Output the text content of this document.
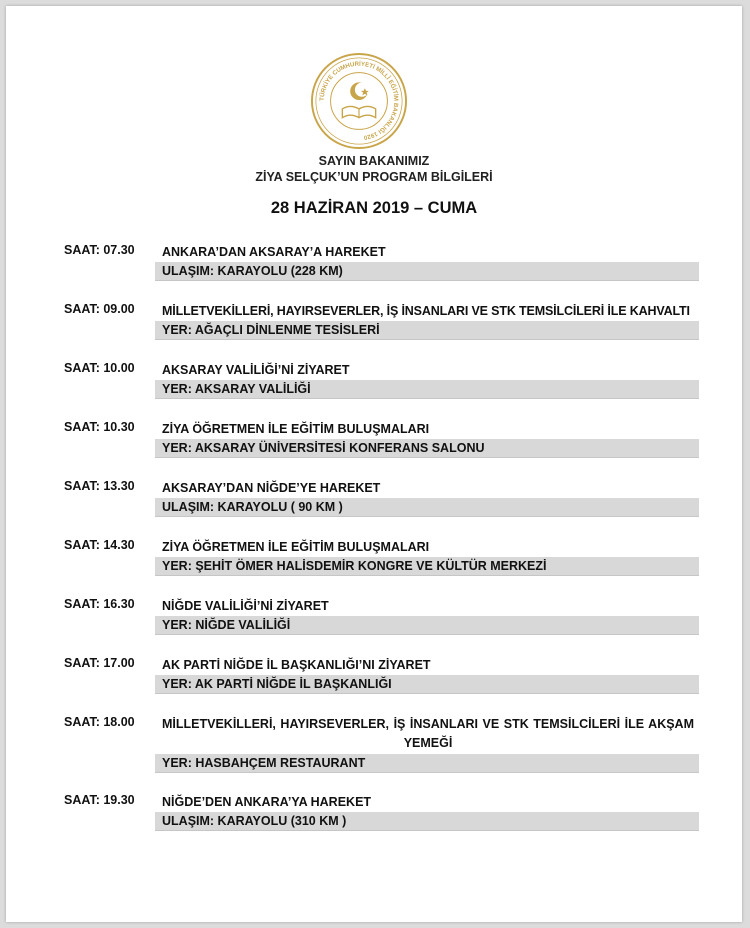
TÜRKİYE CUMHURİYETİ MİLLÎ EĞİTİM BAKANLIĞI 1920
SAYIN BAKANIMIZ
ZİYA SELÇUK’UN PROGRAM BİLGİLERİ
28 HAZİRAN 2019 – CUMA
SAAT: 07.30 ANKARA’DAN AKSARAY’A HAREKET
ULAŞIM: KARAYOLU (228 KM)
SAAT: 09.00 MİLLETVEKİLLERİ, HAYIRSEVERLER, İŞ İNSANLARI VE STK TEMSİLCİLERİ İLE KAHVALTI
YER: AĞAÇLI DİNLENME TESİSLERİ
SAAT: 10.00 AKSARAY VALİLİĞİ’Nİ ZİYARET
YER: AKSARAY VALİLİĞİ
SAAT: 10.30 ZİYA ÖĞRETMEN İLE EĞİTİM BULUŞMALARI
YER: AKSARAY ÜNİVERSİTESİ KONFERANS SALONU
SAAT: 13.30 AKSARAY’DAN NİĞDE’YE HAREKET
ULAŞIM: KARAYOLU ( 90 KM )
SAAT: 14.30 ZİYA ÖĞRETMEN İLE EĞİTİM BULUŞMALARI
YER: ŞEHİT ÖMER HALİSDEMİR KONGRE VE KÜLTÜR MERKEZİ
SAAT: 16.30 NİĞDE VALİLİĞİ’Nİ ZİYARET
YER: NİĞDE VALİLİĞİ
SAAT: 17.00 AK PARTİ NİĞDE İL BAŞKANLIĞI’NI ZİYARET
YER: AK PARTİ NİĞDE İL BAŞKANLIĞI
SAAT: 18.00 MİLLETVEKİLLERİ, HAYIRSEVERLER, İŞ İNSANLARI VE STK TEMSİLCİLERİ İLE AKŞAM YEMEĞİ
YER: HASBAHÇEM RESTAURANT
SAAT: 19.30 NİĞDE’DEN ANKARA’YA HAREKET
ULAŞIM: KARAYOLU (310 KM )
